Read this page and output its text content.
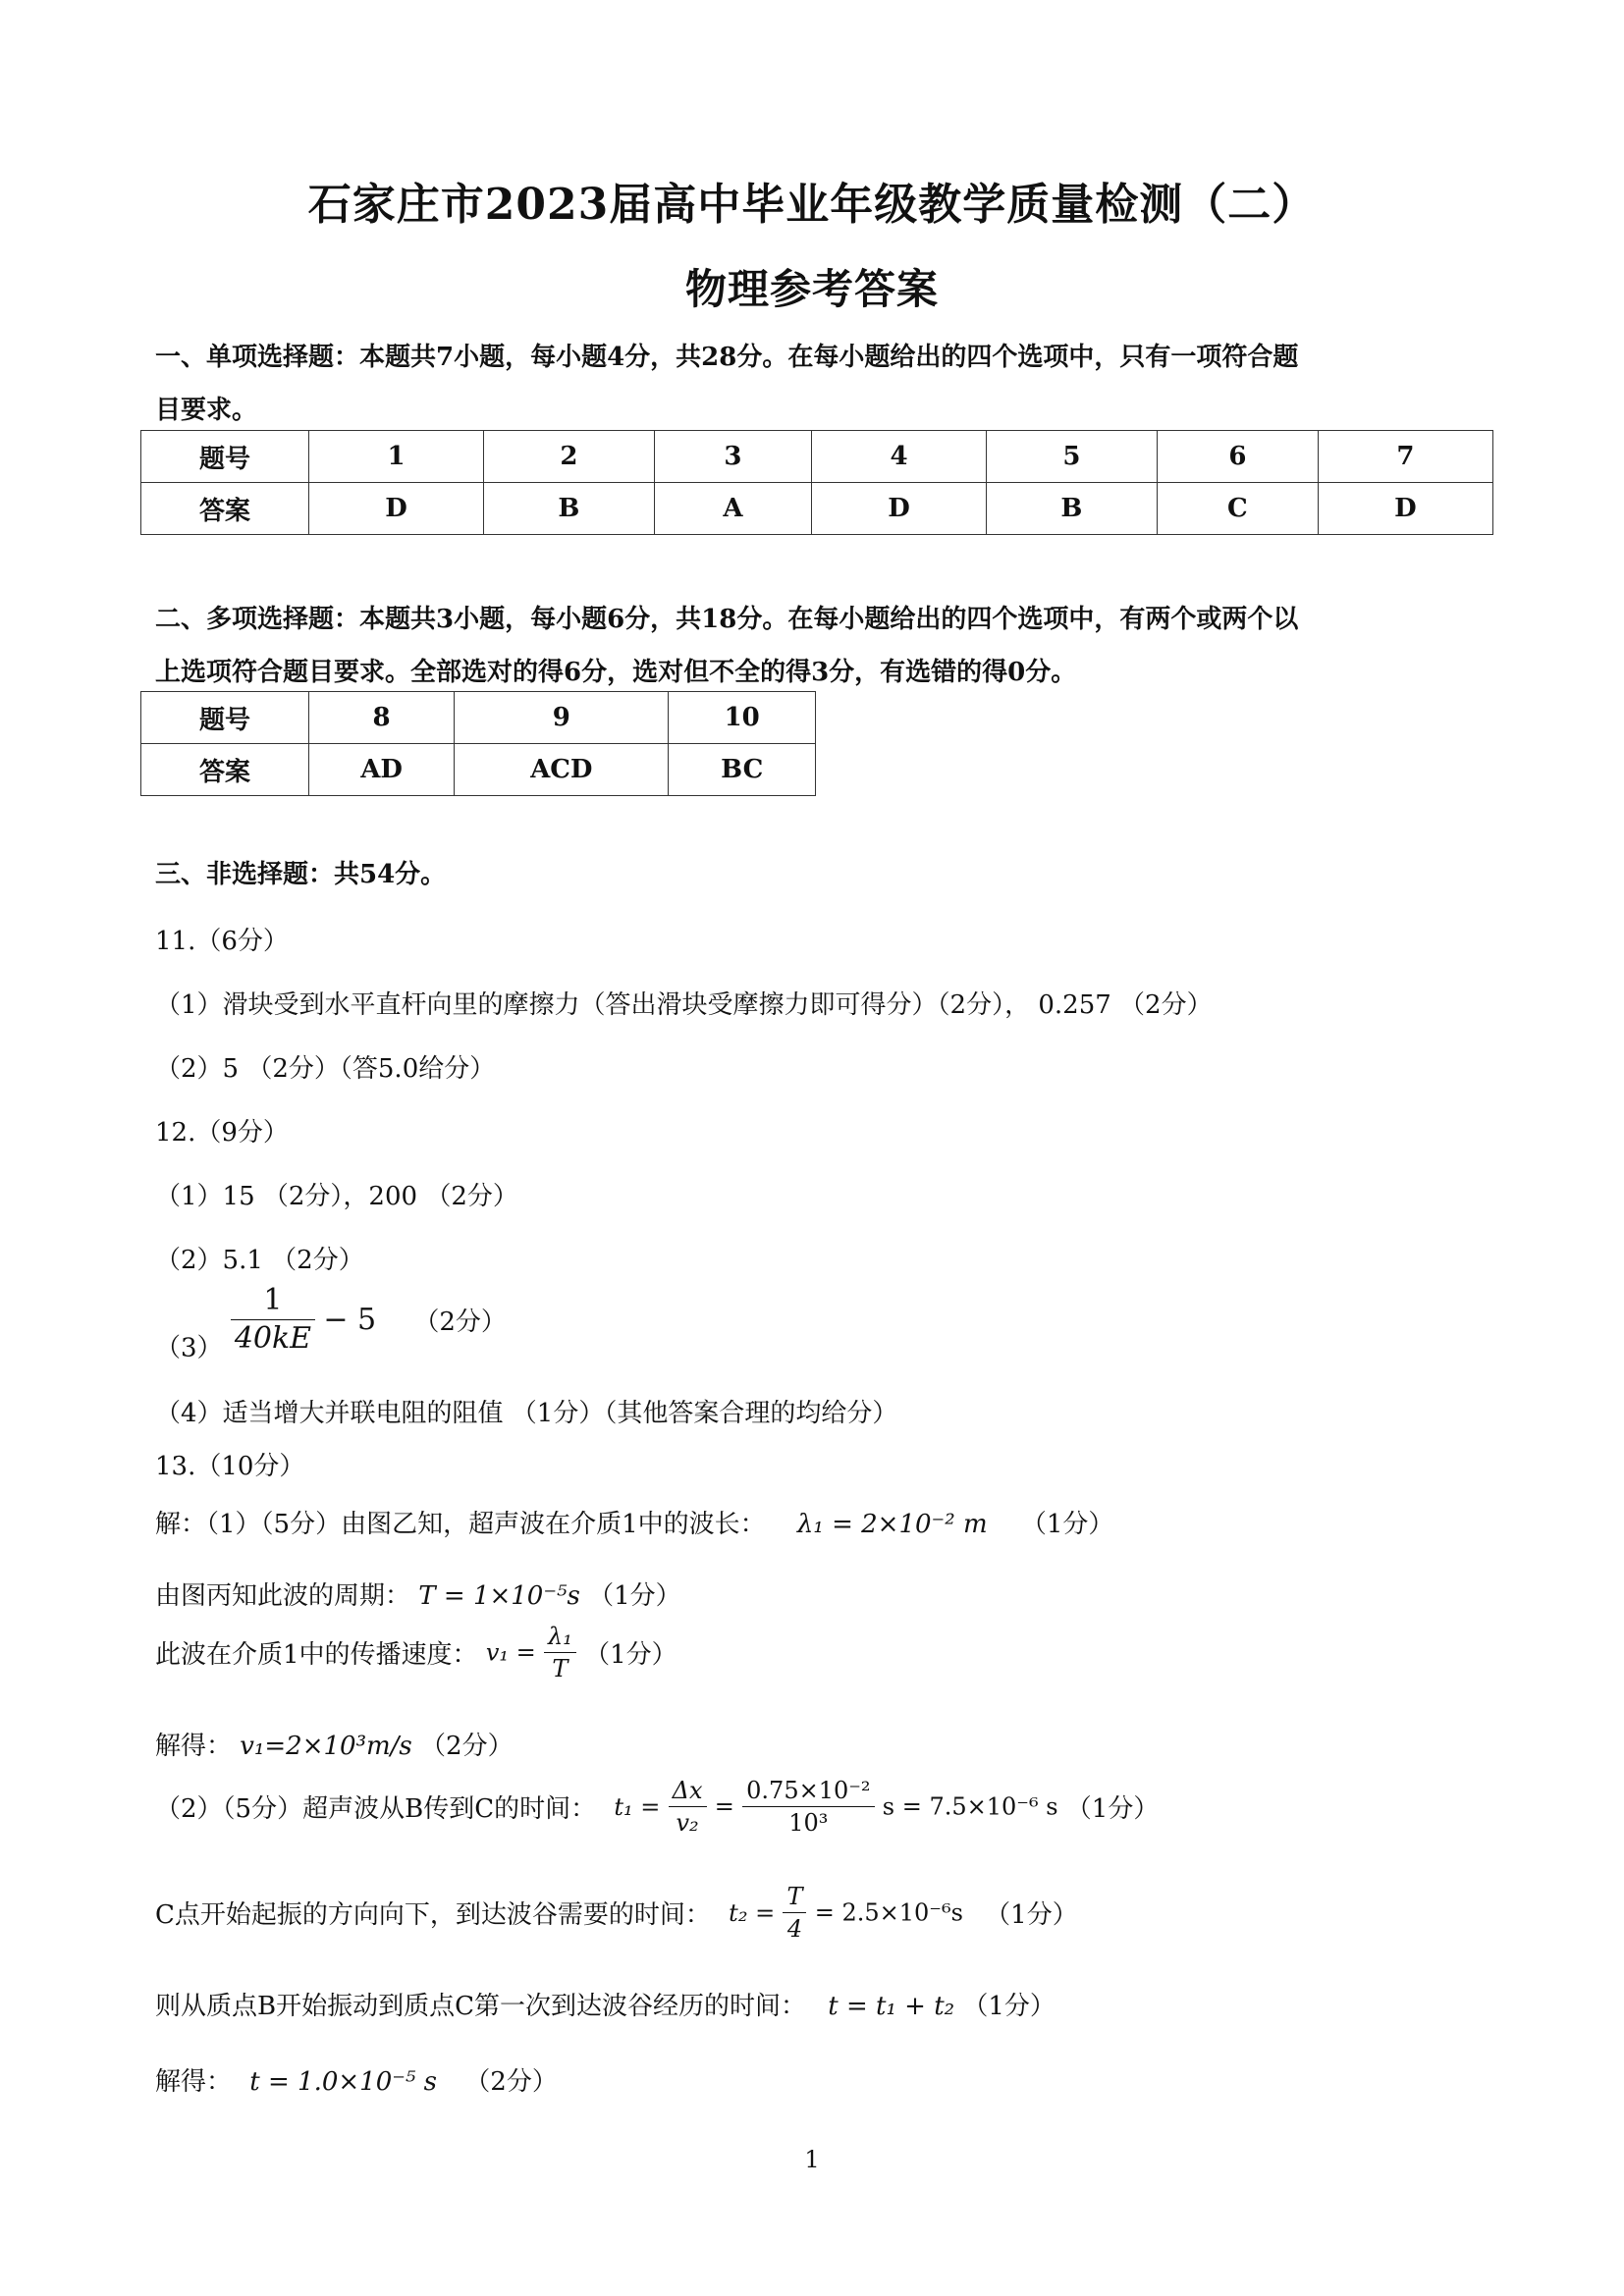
石家庄市2023届高中毕业年级教学质量检测（二）
物理参考答案
一、单项选择题：本题共7小题，每小题4分，共28分。在每小题给出的四个选项中，只有一项符合题
目要求。
题号	1	2	3	4	5	6	7
答案	D	B	A	D	B	C	D
二、多项选择题：本题共3小题，每小题6分，共18分。在每小题给出的四个选项中，有两个或两个以
上选项符合题目要求。全部选对的得6分，选对但不全的得3分，有选错的得0分。
题号	8	9	10
答案	AD	ACD	BC
三、非选择题：共54分。
11.（6分）
（1）滑块受到水平直杆向里的摩擦力（答出滑块受摩擦力即可得分）（2分）， 0.257 （2分）
（2）5 （2分）（答5.0给分）
12.（9分）
（1）15 （2分），200 （2分）
（2）5.1 （2分）
$(3) \frac{1}{40kE} - 5$ （2分）
（4）适当增大并联电阻的阻值 （1分）（其他答案合理的均给分）
13.（10分）
解：（1）（5分）由图乙知，超声波在介质1中的波长： λ₁ = 2×10⁻² m （1分）
由图丙知此波的周期： T = 1×10⁻⁵s （1分）
此波在介质1中的传播速度： $v_1 = \frac{\text{λ₁}}{T} (1$分）
解得： v₁=2×10³m/s （2分）
（2）（5分）超声波从B传到C的时间： $t_1 = \frac{\Delta x}{\text{v₂}} = \frac{\text{0.75×10⁻²}}{\text{10³}}$ s = 7.5×10⁻⁶ s （1分）
C点开始起振的方向向下，到达波谷需要的时间： $t_2 = \frac{T}{4} = 2.5\times 10^{-6}s$ （1分）
则从质点B开始振动到质点C第一次到达波谷经历的时间： t = t₁ + t₂ （1分）
解得： t = 1.0×10⁻⁵ s （2分）
1
